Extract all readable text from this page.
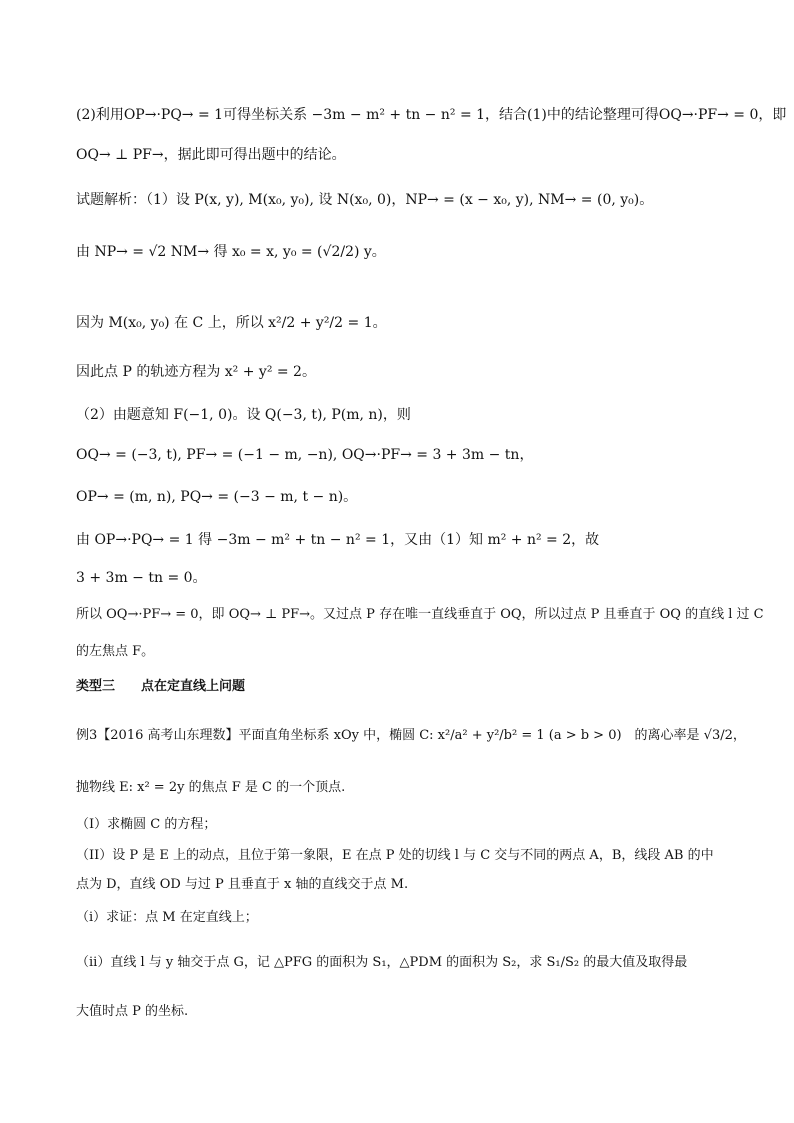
(2)利用OP→·PQ→ = 1可得坐标关系 −3m − m² + tn − n² = 1，结合(1)中的结论整理可得OQ→·PF→ = 0，即
OQ→ ⊥ PF→，据此即可得出题中的结论。
试题解析：（1）设 P(x, y), M(x₀, y₀), 设 N(x₀, 0)，NP→ = (x − x₀, y), NM→ = (0, y₀)。
由 NP→ = √2 NM→ 得 x₀ = x, y₀ = (√2/2) y。
因为 M(x₀, y₀) 在 C 上，所以 x²/2 + y²/2 = 1。
因此点 P 的轨迹方程为 x² + y² = 2。
（2）由题意知 F(−1, 0)。设 Q(−3, t), P(m, n)，则
OQ→ = (−3, t), PF→ = (−1 − m, −n), OQ→·PF→ = 3 + 3m − tn，
OP→ = (m, n), PQ→ = (−3 − m, t − n)。
由 OP→·PQ→ = 1 得 −3m − m² + tn − n² = 1，又由（1）知 m² + n² = 2，故
3 + 3m − tn = 0。
所以 OQ→·PF→ = 0，即 OQ→ ⊥ PF→。又过点 P 存在唯一直线垂直于 OQ，所以过点 P 且垂直于 OQ 的直线 l 过 C
的左焦点 F。
类型三　　点在定直线上问题
例3【2016 高考山东理数】平面直角坐标系 xOy 中，椭圆 C: x²/a² + y²/b² = 1 (a > b > 0)　的离心率是 √3/2，
抛物线 E: x² = 2y 的焦点 F 是 C 的一个顶点.
（I）求椭圆 C 的方程；
（II）设 P 是 E 上的动点，且位于第一象限，E 在点 P 处的切线 l 与 C 交与不同的两点 A，B，线段 AB 的中
点为 D，直线 OD 与过 P 且垂直于 x 轴的直线交于点 M.
（i）求证：点 M 在定直线上；
（ii）直线 l 与 y 轴交于点 G，记 △PFG 的面积为 S₁，△PDM 的面积为 S₂，求 S₁/S₂ 的最大值及取得最
大值时点 P 的坐标.
